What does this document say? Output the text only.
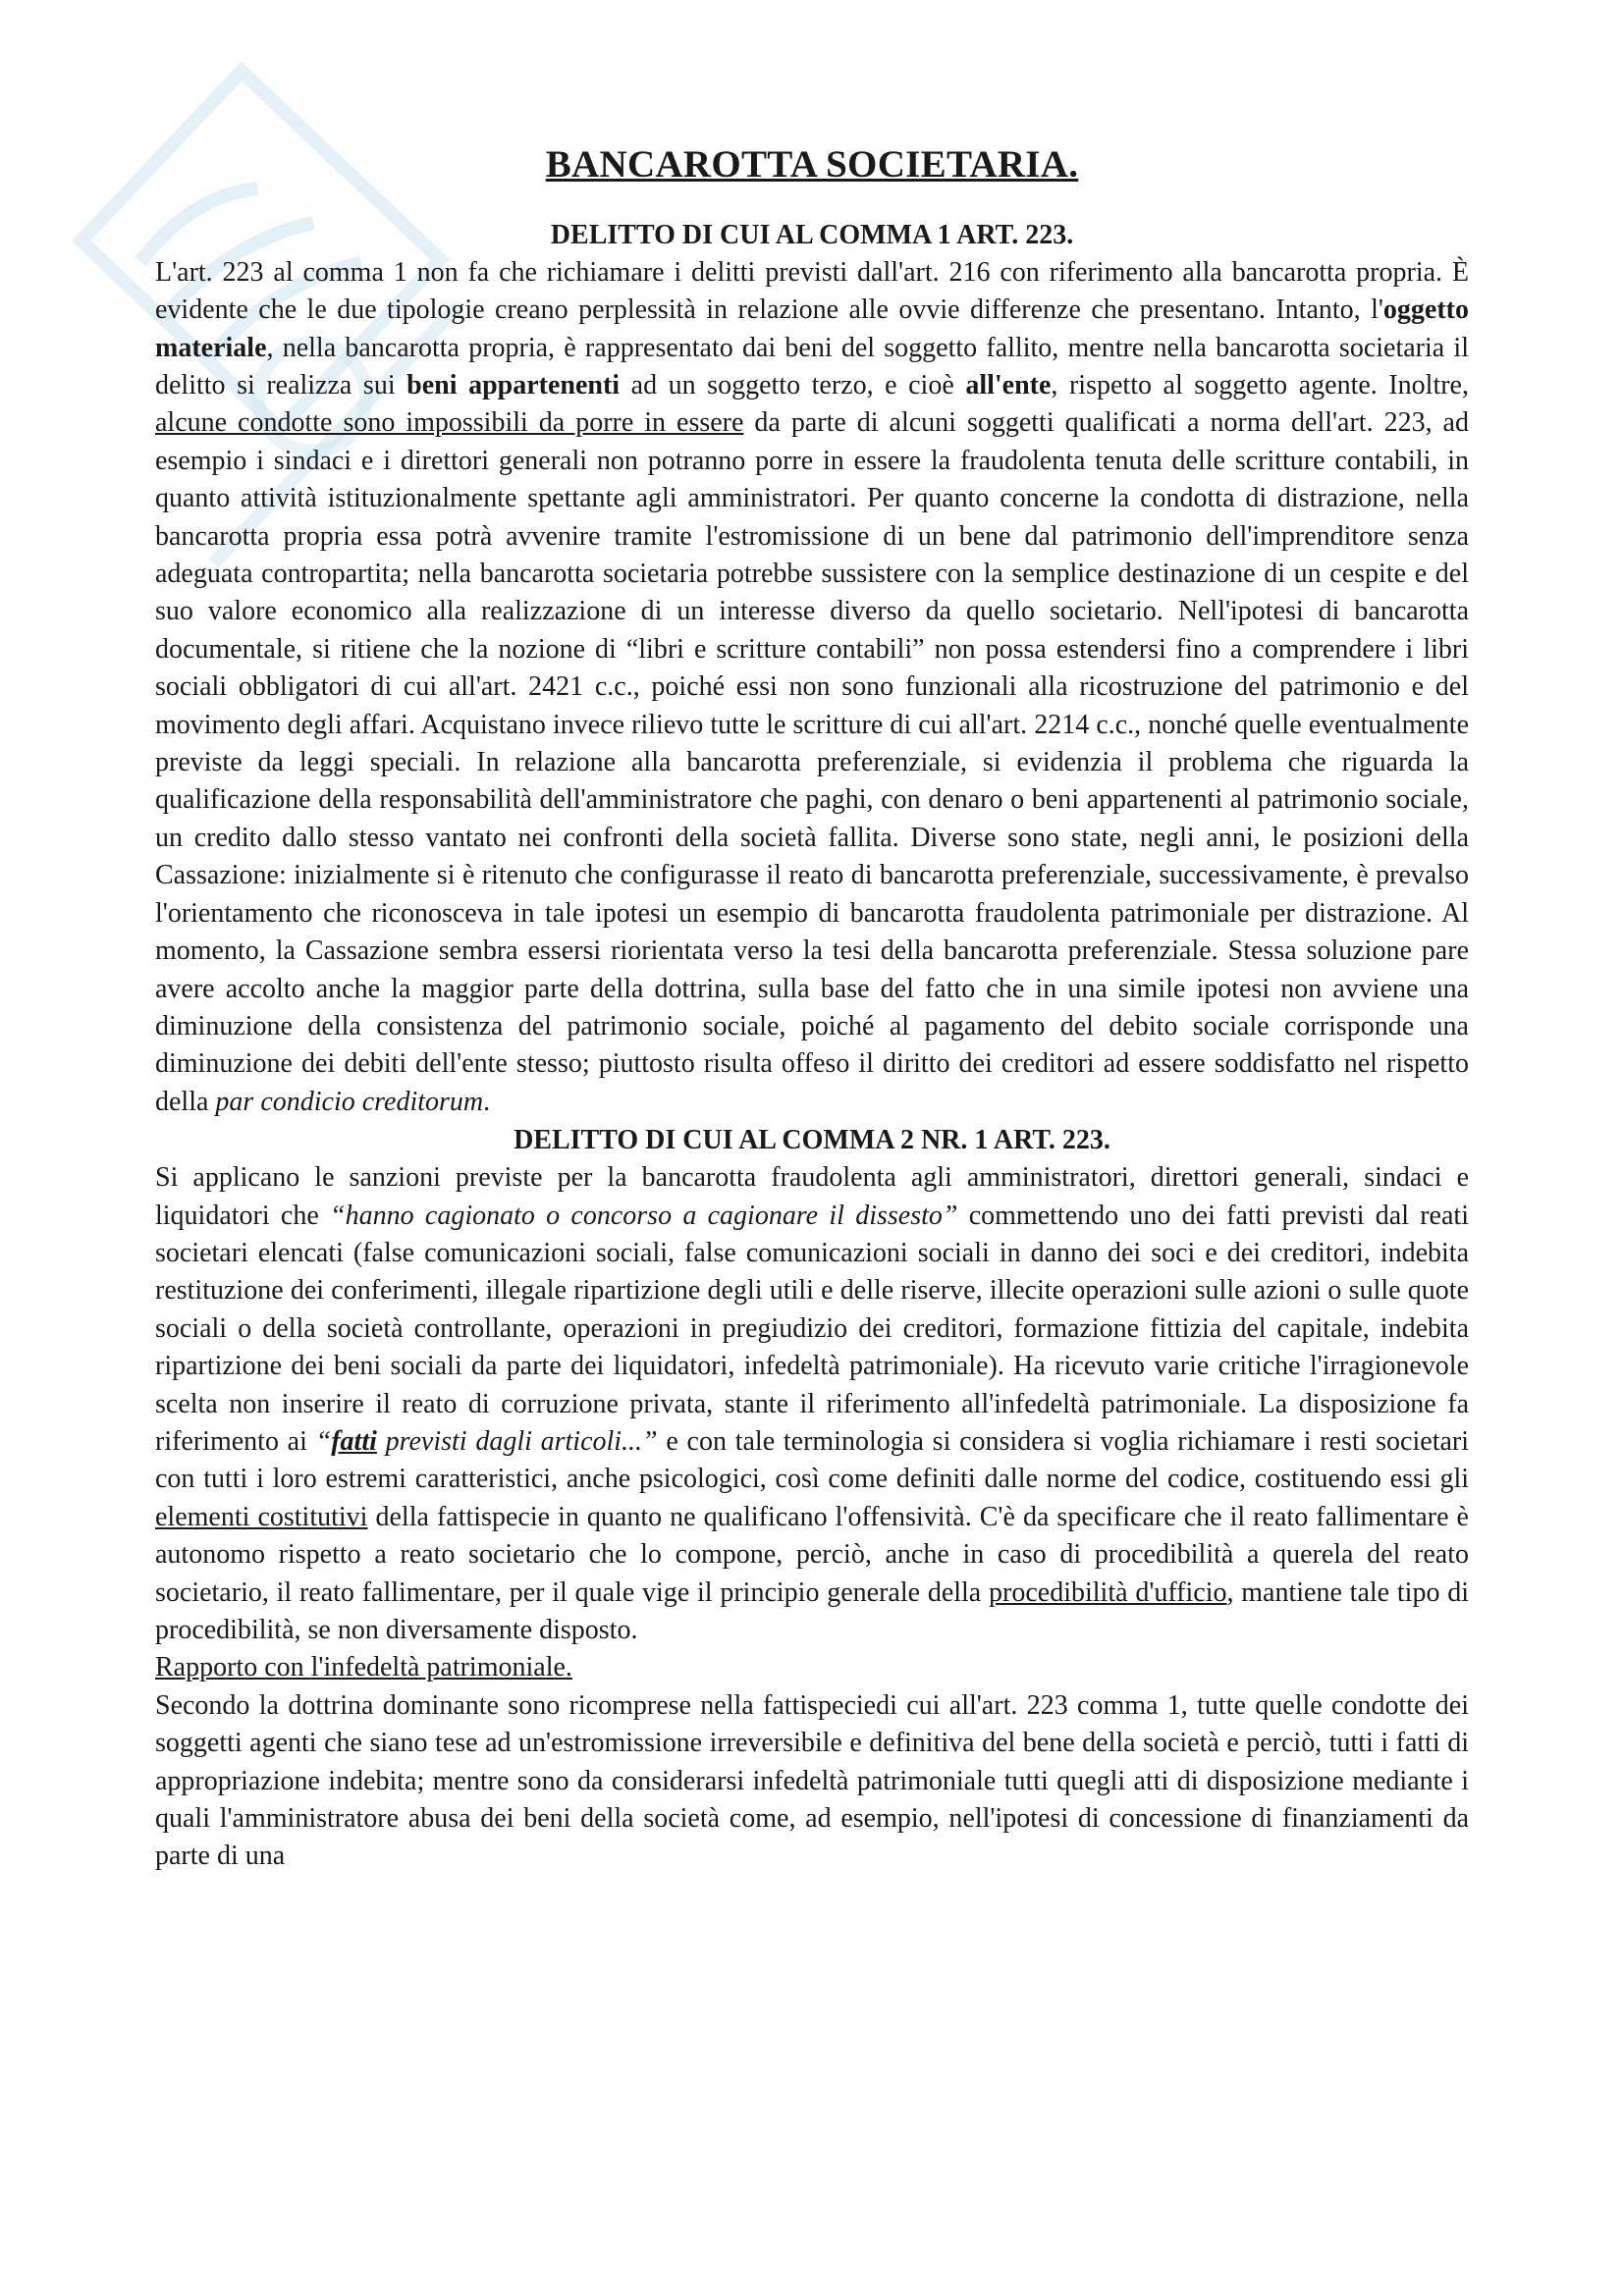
BANCAROTTA SOCIETARIA.
DELITTO DI CUI AL COMMA 1 ART. 223.

L'art. 223 al comma 1 non fa che richiamare i delitti previsti dall'art. 216 con riferimento alla bancarotta propria. È evidente che le due tipologie creano perplessità in relazione alle ovvie differenze che presentano. Intanto, l'oggetto materiale, nella bancarotta propria, è rappresentato dai beni del soggetto fallito, mentre nella bancarotta societaria il delitto si realizza sui beni appartenenti ad un soggetto terzo, e cioè all'ente, rispetto al soggetto agente. Inoltre, alcune condotte sono impossibili da porre in essere da parte di alcuni soggetti qualificati a norma dell'art. 223, ad esempio i sindaci e i direttori generali non potranno porre in essere la fraudolenta tenuta delle scritture contabili, in quanto attività istituzionalmente spettante agli amministratori. Per quanto concerne la condotta di distrazione, nella bancarotta propria essa potrà avvenire tramite l'estromissione di un bene dal patrimonio dell'imprenditore senza adeguata contropartita; nella bancarotta societaria potrebbe sussistere con la semplice destinazione di un cespite e del suo valore economico alla realizzazione di un interesse diverso da quello societario. Nell'ipotesi di bancarotta documentale, si ritiene che la nozione di “libri e scritture contabili” non possa estendersi fino a comprendere i libri sociali obbligatori di cui all'art. 2421 c.c., poiché essi non sono funzionali alla ricostruzione del patrimonio e del movimento degli affari. Acquistano invece rilievo tutte le scritture di cui all'art. 2214 c.c., nonché quelle eventualmente previste da leggi speciali. In relazione alla bancarotta preferenziale, si evidenzia il problema che riguarda la qualificazione della responsabilità dell'amministratore che paghi, con denaro o beni appartenenti al patrimonio sociale, un credito dallo stesso vantato nei confronti della società fallita. Diverse sono state, negli anni, le posizioni della Cassazione: inizialmente si è ritenuto che configurasse il reato di bancarotta preferenziale, successivamente, è prevalso l'orientamento che riconosceva in tale ipotesi un esempio di bancarotta fraudolenta patrimoniale per distrazione. Al momento, la Cassazione sembra essersi riorientata verso la tesi della bancarotta preferenziale. Stessa soluzione pare avere accolto anche la maggior parte della dottrina, sulla base del fatto che in una simile ipotesi non avviene una diminuzione della consistenza del patrimonio sociale, poiché al pagamento del debito sociale corrisponde una diminuzione dei debiti dell'ente stesso; piuttosto risulta offeso il diritto dei creditori ad essere soddisfatto nel rispetto della par condicio creditorum.

DELITTO DI CUI AL COMMA 2 NR. 1 ART. 223.

Si applicano le sanzioni previste per la bancarotta fraudolenta agli amministratori, direttori generali, sindaci e liquidatori che “hanno cagionato o concorso a cagionare il dissesto” commettendo uno dei fatti previsti dal reati societari elencati (false comunicazioni sociali, false comunicazioni sociali in danno dei soci e dei creditori, indebita restituzione dei conferimenti, illegale ripartizione degli utili e delle riserve, illecite operazioni sulle azioni o sulle quote sociali o della società controllante, operazioni in pregiudizio dei creditori, formazione fittizia del capitale, indebita ripartizione dei beni sociali da parte dei liquidatori, infedeltà patrimoniale). Ha ricevuto varie critiche l'irragionevole scelta non inserire il reato di corruzione privata, stante il riferimento all'infedeltà patrimoniale. La disposizione fa riferimento ai “fatti previsti dagli articoli...” e con tale terminologia si considera si voglia richiamare i resti societari con tutti i loro estremi caratteristici, anche psicologici, così come definiti dalle norme del codice, costituendo essi gli elementi costitutivi della fattispecie in quanto ne qualificano l'offensività. C'è da specificare che il reato fallimentare è autonomo rispetto a reato societario che lo compone, perciò, anche in caso di procedibilità a querela del reato societario, il reato fallimentare, per il quale vige il principio generale della procedibilità d'ufficio, mantiene tale tipo di procedibilità, se non diversamente disposto.

Rapporto con l'infedeltà patrimoniale.

Secondo la dottrina dominante sono ricomprese nella fattispeciedi cui all'art. 223 comma 1, tutte quelle condotte dei soggetti agenti che siano tese ad un'estromissione irreversibile e definitiva del bene della società e perciò, tutti i fatti di appropriazione indebita; mentre sono da considerarsi infedeltà patrimoniale tutti quegli atti di disposizione mediante i quali l'amministratore abusa dei beni della società come, ad esempio, nell'ipotesi di concessione di finanziamenti da parte di una
